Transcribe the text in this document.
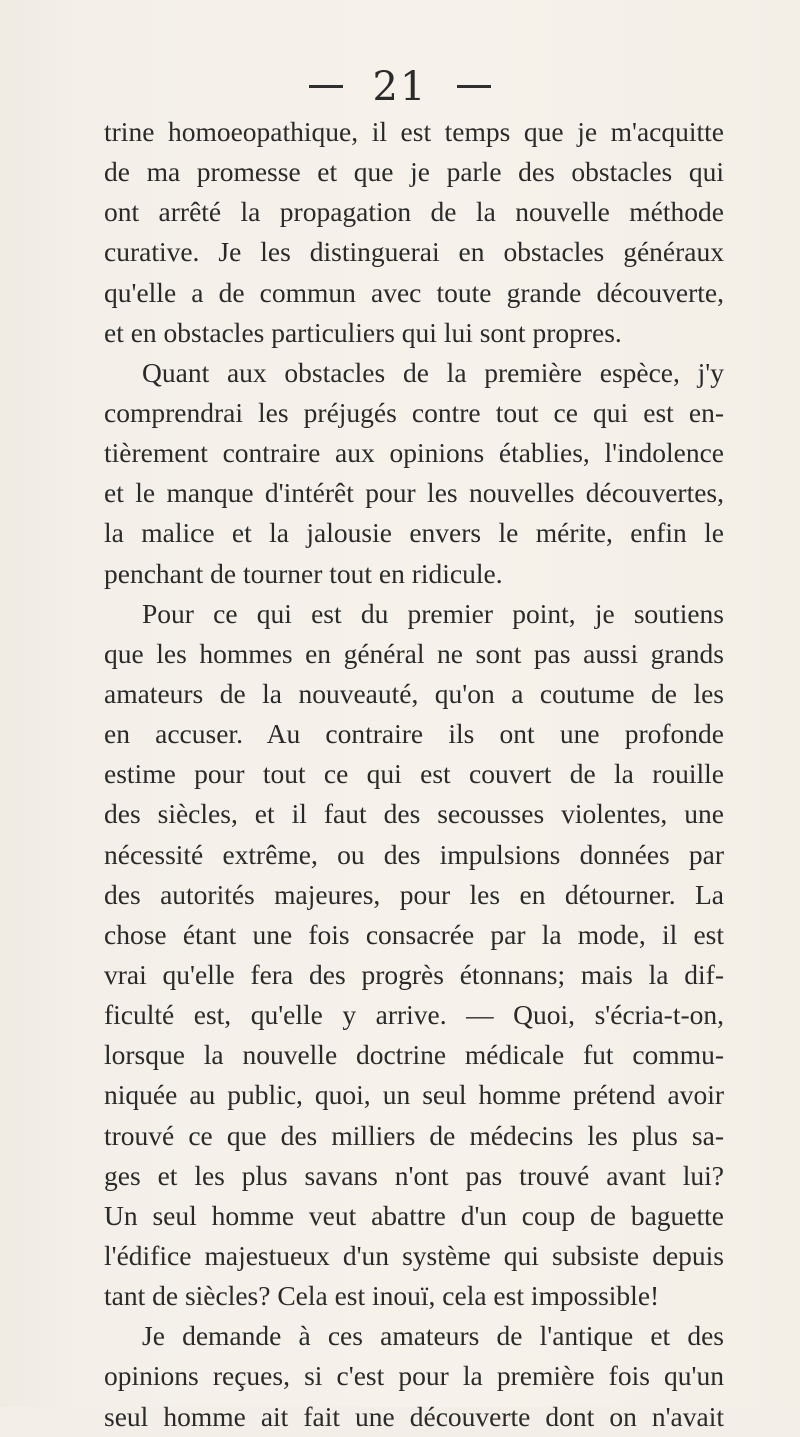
21
trine homoeopathique, il est temps que je m'acquitte
de ma promesse et que je parle des obstacles qui
ont arrêté la propagation de la nouvelle méthode
curative. Je les distinguerai en obstacles généraux
qu'elle a de commun avec toute grande découverte,
et en obstacles particuliers qui lui sont propres.
Quant aux obstacles de la première espèce, j'y
comprendrai les préjugés contre tout ce qui est en-
tièrement contraire aux opinions établies, l'indolence
et le manque d'intérêt pour les nouvelles découvertes,
la malice et la jalousie envers le mérite, enfin le
penchant de tourner tout en ridicule.
Pour ce qui est du premier point, je soutiens
que les hommes en général ne sont pas aussi grands
amateurs de la nouveauté, qu'on a coutume de les
en accuser. Au contraire ils ont une profonde
estime pour tout ce qui est couvert de la rouille
des siècles, et il faut des secousses violentes, une
nécessité extrême, ou des impulsions données par
des autorités majeures, pour les en détourner. La
chose étant une fois consacrée par la mode, il est
vrai qu'elle fera des progrès étonnans; mais la dif-
ficulté est, qu'elle y arrive. — Quoi, s'écria-t-on,
lorsque la nouvelle doctrine médicale fut commu-
niquée au public, quoi, un seul homme prétend avoir
trouvé ce que des milliers de médecins les plus sa-
ges et les plus savans n'ont pas trouvé avant lui?
Un seul homme veut abattre d'un coup de baguette
l'édifice majestueux d'un système qui subsiste depuis
tant de siècles? Cela est inouï, cela est impossible!
Je demande à ces amateurs de l'antique et des
opinions reçues, si c'est pour la première fois qu'un
seul homme ait fait une découverte dont on n'avait
